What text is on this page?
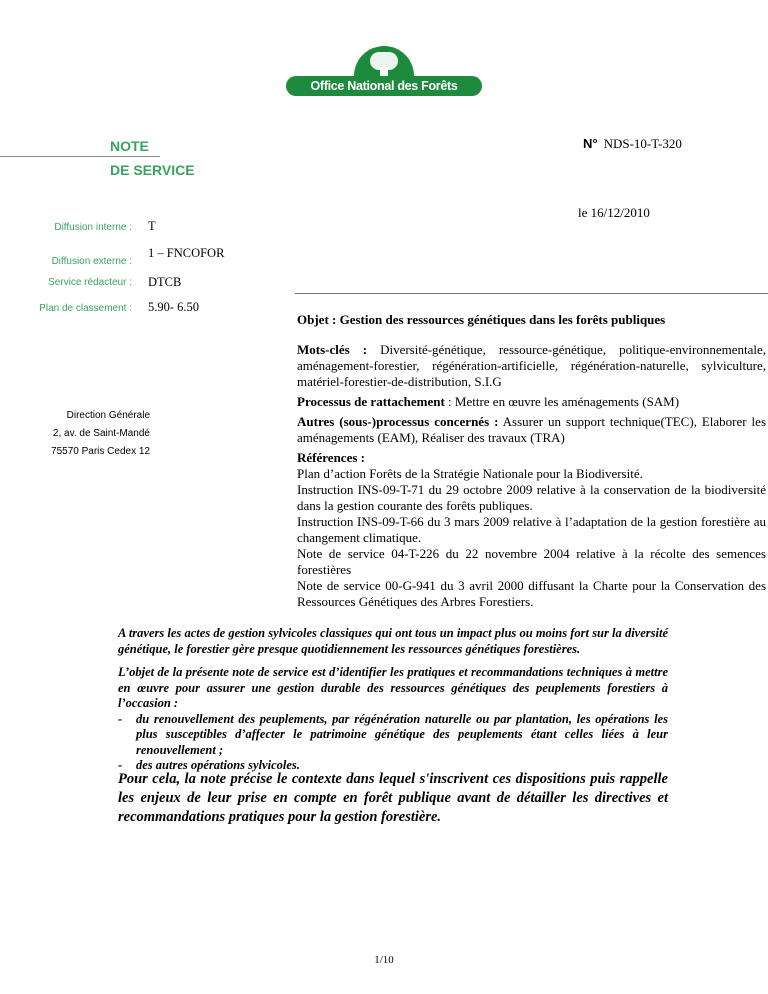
Office National des Forêts
NOTE
DE SERVICE
N° NDS-10-T-320
le 16/12/2010
Diffusion interne : T
Diffusion externe :
1 – FNCOFOR
Service rédacteur : DTCB
Plan de classement : 5.90- 6.50
Objet : Gestion des ressources génétiques dans les forêts publiques
Direction Générale
2, av. de Saint-Mandé
75570 Paris Cedex 12

Mots-clés : Diversité-génétique, ressource-génétique, politique-environnementale, aménagement-forestier, régénération-artificielle, régénération-naturelle, sylviculture, matériel-forestier-de-distribution, S.I.G

Processus de rattachement : Mettre en œuvre les aménagements (SAM)

Autres (sous-)processus concernés : Assurer un support technique(TEC), Elaborer les aménagements (EAM), Réaliser des travaux (TRA)

Références :

Plan d’action Forêts de la Stratégie Nationale pour la Biodiversité.

Instruction INS-09-T-71 du 29 octobre 2009 relative à la conservation de la biodiversité dans la gestion courante des forêts publiques.

Instruction INS-09-T-66 du 3 mars 2009 relative à l’adaptation de la gestion forestière au changement climatique.

Note de service 04-T-226 du 22 novembre 2004 relative à la récolte des semences forestières

Note de service 00-G-941 du 3 avril 2000 diffusant la Charte pour la Conservation des Ressources Génétiques des Arbres Forestiers.

A travers les actes de gestion sylvicoles classiques qui ont tous un impact plus ou moins fort sur la diversité génétique, le forestier gère presque quotidiennement les ressources génétiques forestières.

L’objet de la présente note de service est d’identifier les pratiques et recommandations techniques à mettre en œuvre pour assurer une gestion durable des ressources génétiques des peuplements forestiers à l’occasion :

-	du renouvellement des peuplements, par régénération naturelle ou par plantation, les opérations les plus susceptibles d’affecter le patrimoine génétique des peuplements étant celles liées à leur renouvellement ;
-	des autres opérations sylvicoles.
Pour cela, la note précise le contexte dans lequel s'inscrivent ces dispositions puis rappelle les enjeux de leur prise en compte en forêt publique avant de détailler les directives et recommandations pratiques pour la gestion forestière.
1/10
